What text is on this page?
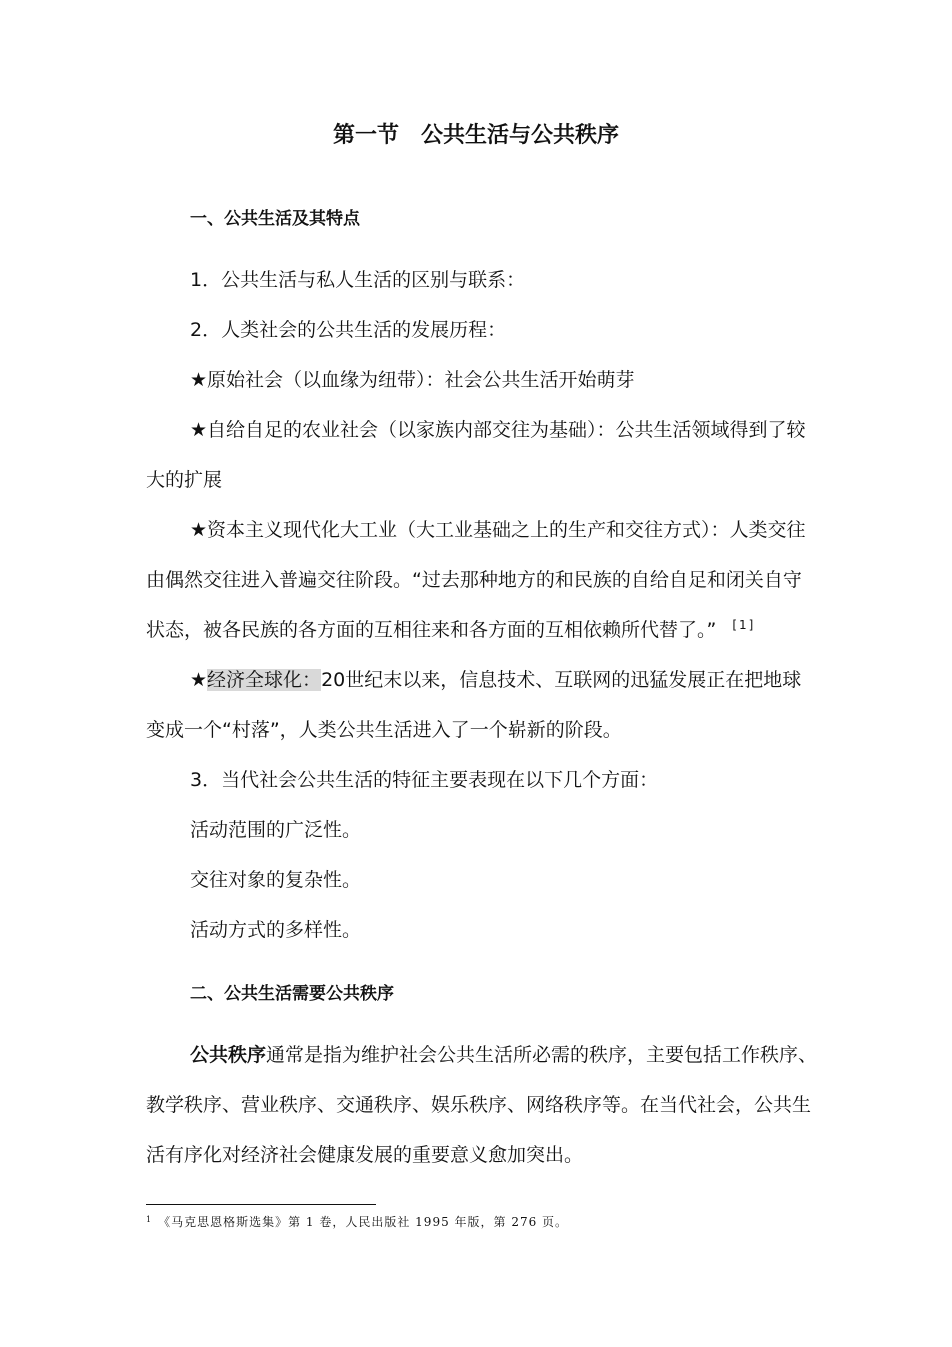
第一节　公共生活与公共秩序
一、公共生活及其特点
1．公共生活与私人生活的区别与联系：
2．人类社会的公共生活的发展历程：
★原始社会（以血缘为纽带）：社会公共生活开始萌芽
★自给自足的农业社会（以家族内部交往为基础）：公共生活领域得到了较
大的扩展
★资本主义现代化大工业（大工业基础之上的生产和交往方式）：人类交往
由偶然交往进入普遍交往阶段。“过去那种地方的和民族的自给自足和闭关自守
状态，被各民族的各方面的互相往来和各方面的互相依赖所代替了。” [1]
★经济全球化：20世纪末以来，信息技术、互联网的迅猛发展正在把地球
变成一个“村落”，人类公共生活进入了一个崭新的阶段。
3．当代社会公共生活的特征主要表现在以下几个方面：
活动范围的广泛性。
交往对象的复杂性。
活动方式的多样性。
二、公共生活需要公共秩序
公共秩序通常是指为维护社会公共生活所必需的秩序，主要包括工作秩序、
教学秩序、营业秩序、交通秩序、娱乐秩序、网络秩序等。在当代社会，公共生
活有序化对经济社会健康发展的重要意义愈加突出。
$^1$ 《马克思恩格斯选集》第 1 卷，人民出版社 1995 年版，第 276 页。
